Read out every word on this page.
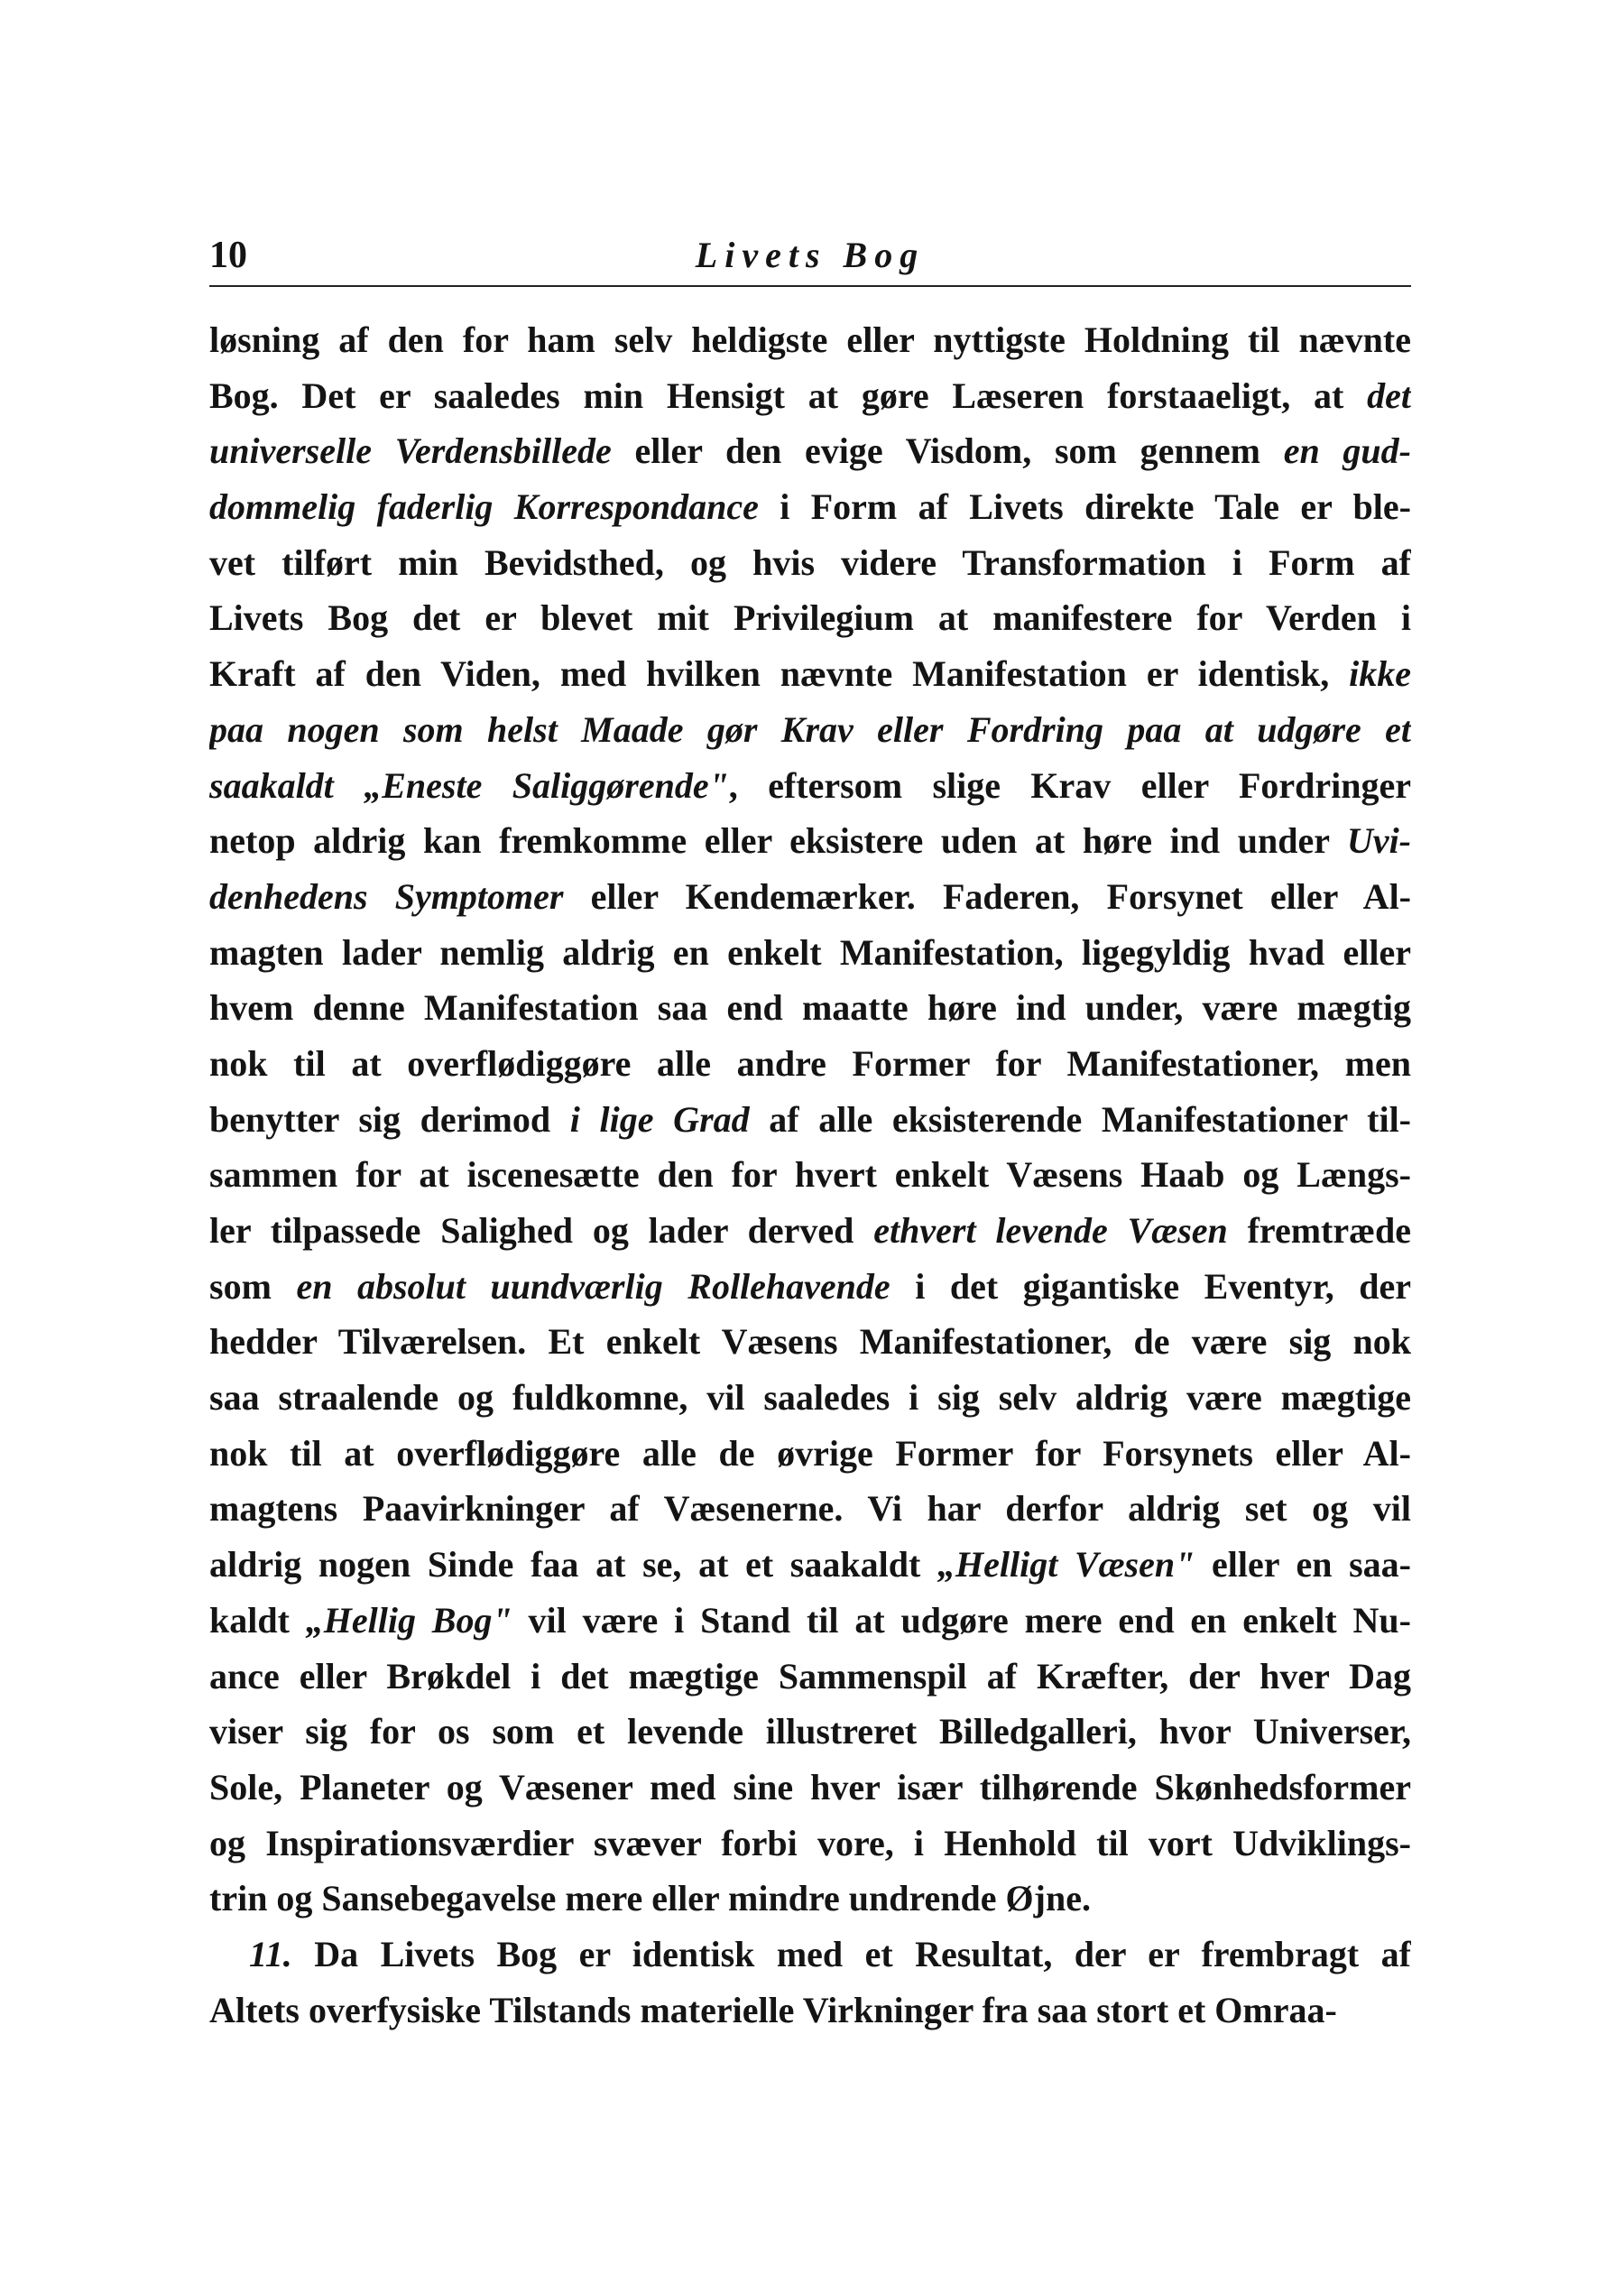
10	Livets Bog
løsning af den for ham selv heldigste eller nyttigste Holdning til nævnte
Bog. Det er saaledes min Hensigt at gøre Læseren forstaaeligt, at det
universelle Verdensbillede eller den evige Visdom, som gennem en gud-
dommelig faderlig Korrespondance i Form af Livets direkte Tale er ble-
vet tilført min Bevidsthed, og hvis videre Transformation i Form af
Livets Bog det er blevet mit Privilegium at manifestere for Verden i
Kraft af den Viden, med hvilken nævnte Manifestation er identisk, ikke
paa nogen som helst Maade gør Krav eller Fordring paa at udgøre et
saakaldt „Eneste Saliggørende", eftersom slige Krav eller Fordringer
netop aldrig kan fremkomme eller eksistere uden at høre ind under Uvi-
denhedens Symptomer eller Kendemærker. Faderen, Forsynet eller Al-
magten lader nemlig aldrig en enkelt Manifestation, ligegyldig hvad eller
hvem denne Manifestation saa end maatte høre ind under, være mægtig
nok til at overflødiggøre alle andre Former for Manifestationer, men
benytter sig derimod i lige Grad af alle eksisterende Manifestationer til-
sammen for at iscenesætte den for hvert enkelt Væsens Haab og Længs-
ler tilpassede Salighed og lader derved ethvert levende Væsen fremtræde
som en absolut uundværlig Rollehavende i det gigantiske Eventyr, der
hedder Tilværelsen. Et enkelt Væsens Manifestationer, de være sig nok
saa straalende og fuldkomne, vil saaledes i sig selv aldrig være mægtige
nok til at overflødiggøre alle de øvrige Former for Forsynets eller Al-
magtens Paavirkninger af Væsenerne. Vi har derfor aldrig set og vil
aldrig nogen Sinde faa at se, at et saakaldt „Helligt Væsen" eller en saa-
kaldt „Hellig Bog" vil være i Stand til at udgøre mere end en enkelt Nu-
ance eller Brøkdel i det mægtige Sammenspil af Kræfter, der hver Dag
viser sig for os som et levende illustreret Billedgalleri, hvor Universer,
Sole, Planeter og Væsener med sine hver især tilhørende Skønhedsformer
og Inspirationsværdier svæver forbi vore, i Henhold til vort Udviklings-
trin og Sansebegavelse mere eller mindre undrende Øjne.
11. Da Livets Bog er identisk med et Resultat, der er frembragt af
Altets overfysiske Tilstands materielle Virkninger fra saa stort et Omraa-
